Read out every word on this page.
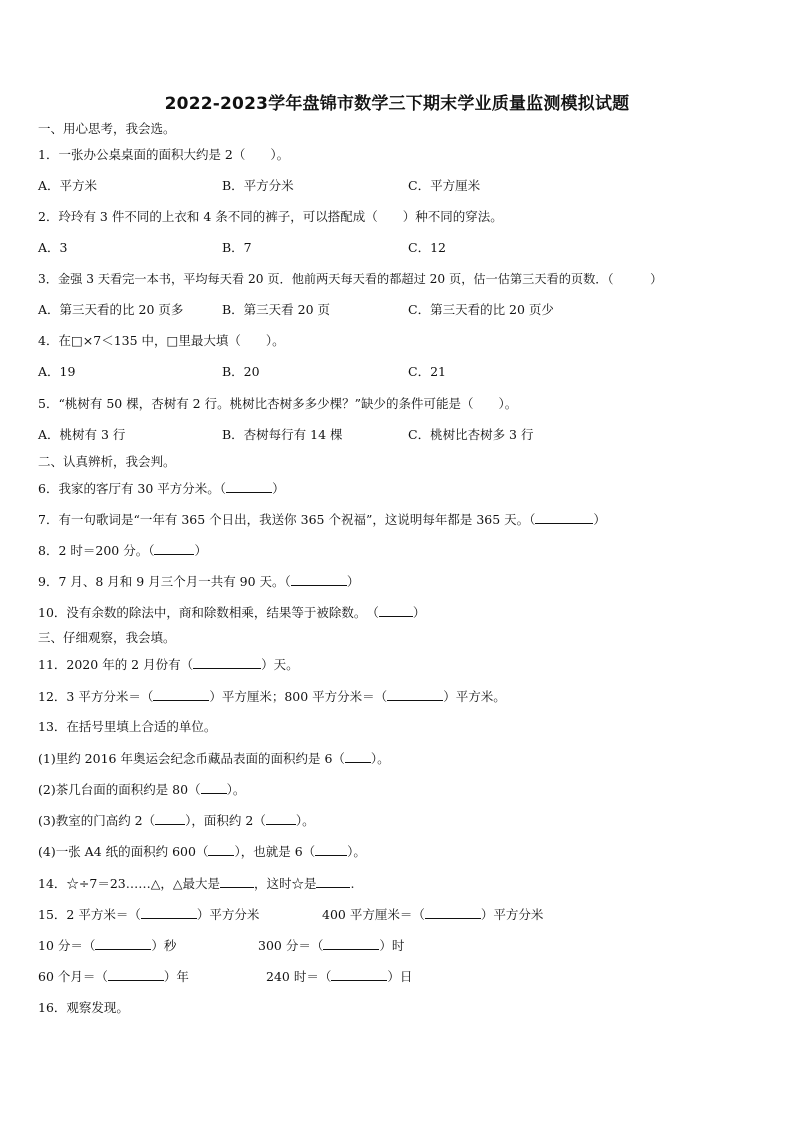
2022-2023学年盘锦市数学三下期末学业质量监测模拟试题
一、用心思考，我会选。
1．一张办公桌桌面的面积大约是 2（　　）。
A．平方米	B．平方分米	C．平方厘米
2．玲玲有 3 件不同的上衣和 4 条不同的裤子，可以搭配成（　　）种不同的穿法。
A．3	B．7	C．12
3．金强 3 天看完一本书，平均每天看 20 页．他前两天每天看的都超过 20 页，估一估第三天看的页数．（　　　）
A．第三天看的比 20 页多	B．第三天看 20 页	C．第三天看的比 20 页少
4．在□×7＜135 中，□里最大填（　　）。
A．19	B．20	C．21
5．“桃树有 50 棵，杏树有 2 行。桃树比杏树多多少棵？”缺少的条件可能是（　　）。
A．桃树有 3 行	B．杏树每行有 14 棵	C．桃树比杏树多 3 行
二、认真辨析，我会判。
6．我家的客厅有 30 平方分米。（	）
7．有一句歌词是“一年有 365 个日出，我送你 365 个祝福”，这说明每年都是 365 天。（	）
8．2 时＝200 分。（	）
9．7 月、8 月和 9 月三个月一共有 90 天。（	）
10．没有余数的除法中，商和除数相乘，结果等于被除数。　（	）
三、仔细观察，我会填。
11．2020 年的 2 月份有（	）天。
12．3 平方分米＝（	）平方厘米；800 平方分米＝（	）平方米。
13．在括号里填上合适的单位。
(1)里约 2016 年奥运会纪念币藏品表面的面积约是 6（ ）。
(2)茶几台面的面积约是 80（ ）。
(3)教室的门高约 2（ ），面积约 2（ ）。
(4)一张 A4 纸的面积约 600（ ），也就是 6（	）。
14．☆÷7＝23……△，△最大是	，这时☆是	.
15．2 平方米＝（	）平方分米	400 平方厘米＝（	）平方分米
10 分＝（	）秒	300 分＝（	）时
60 个月＝（	）年	240 时＝（	）日
16．观察发现。
